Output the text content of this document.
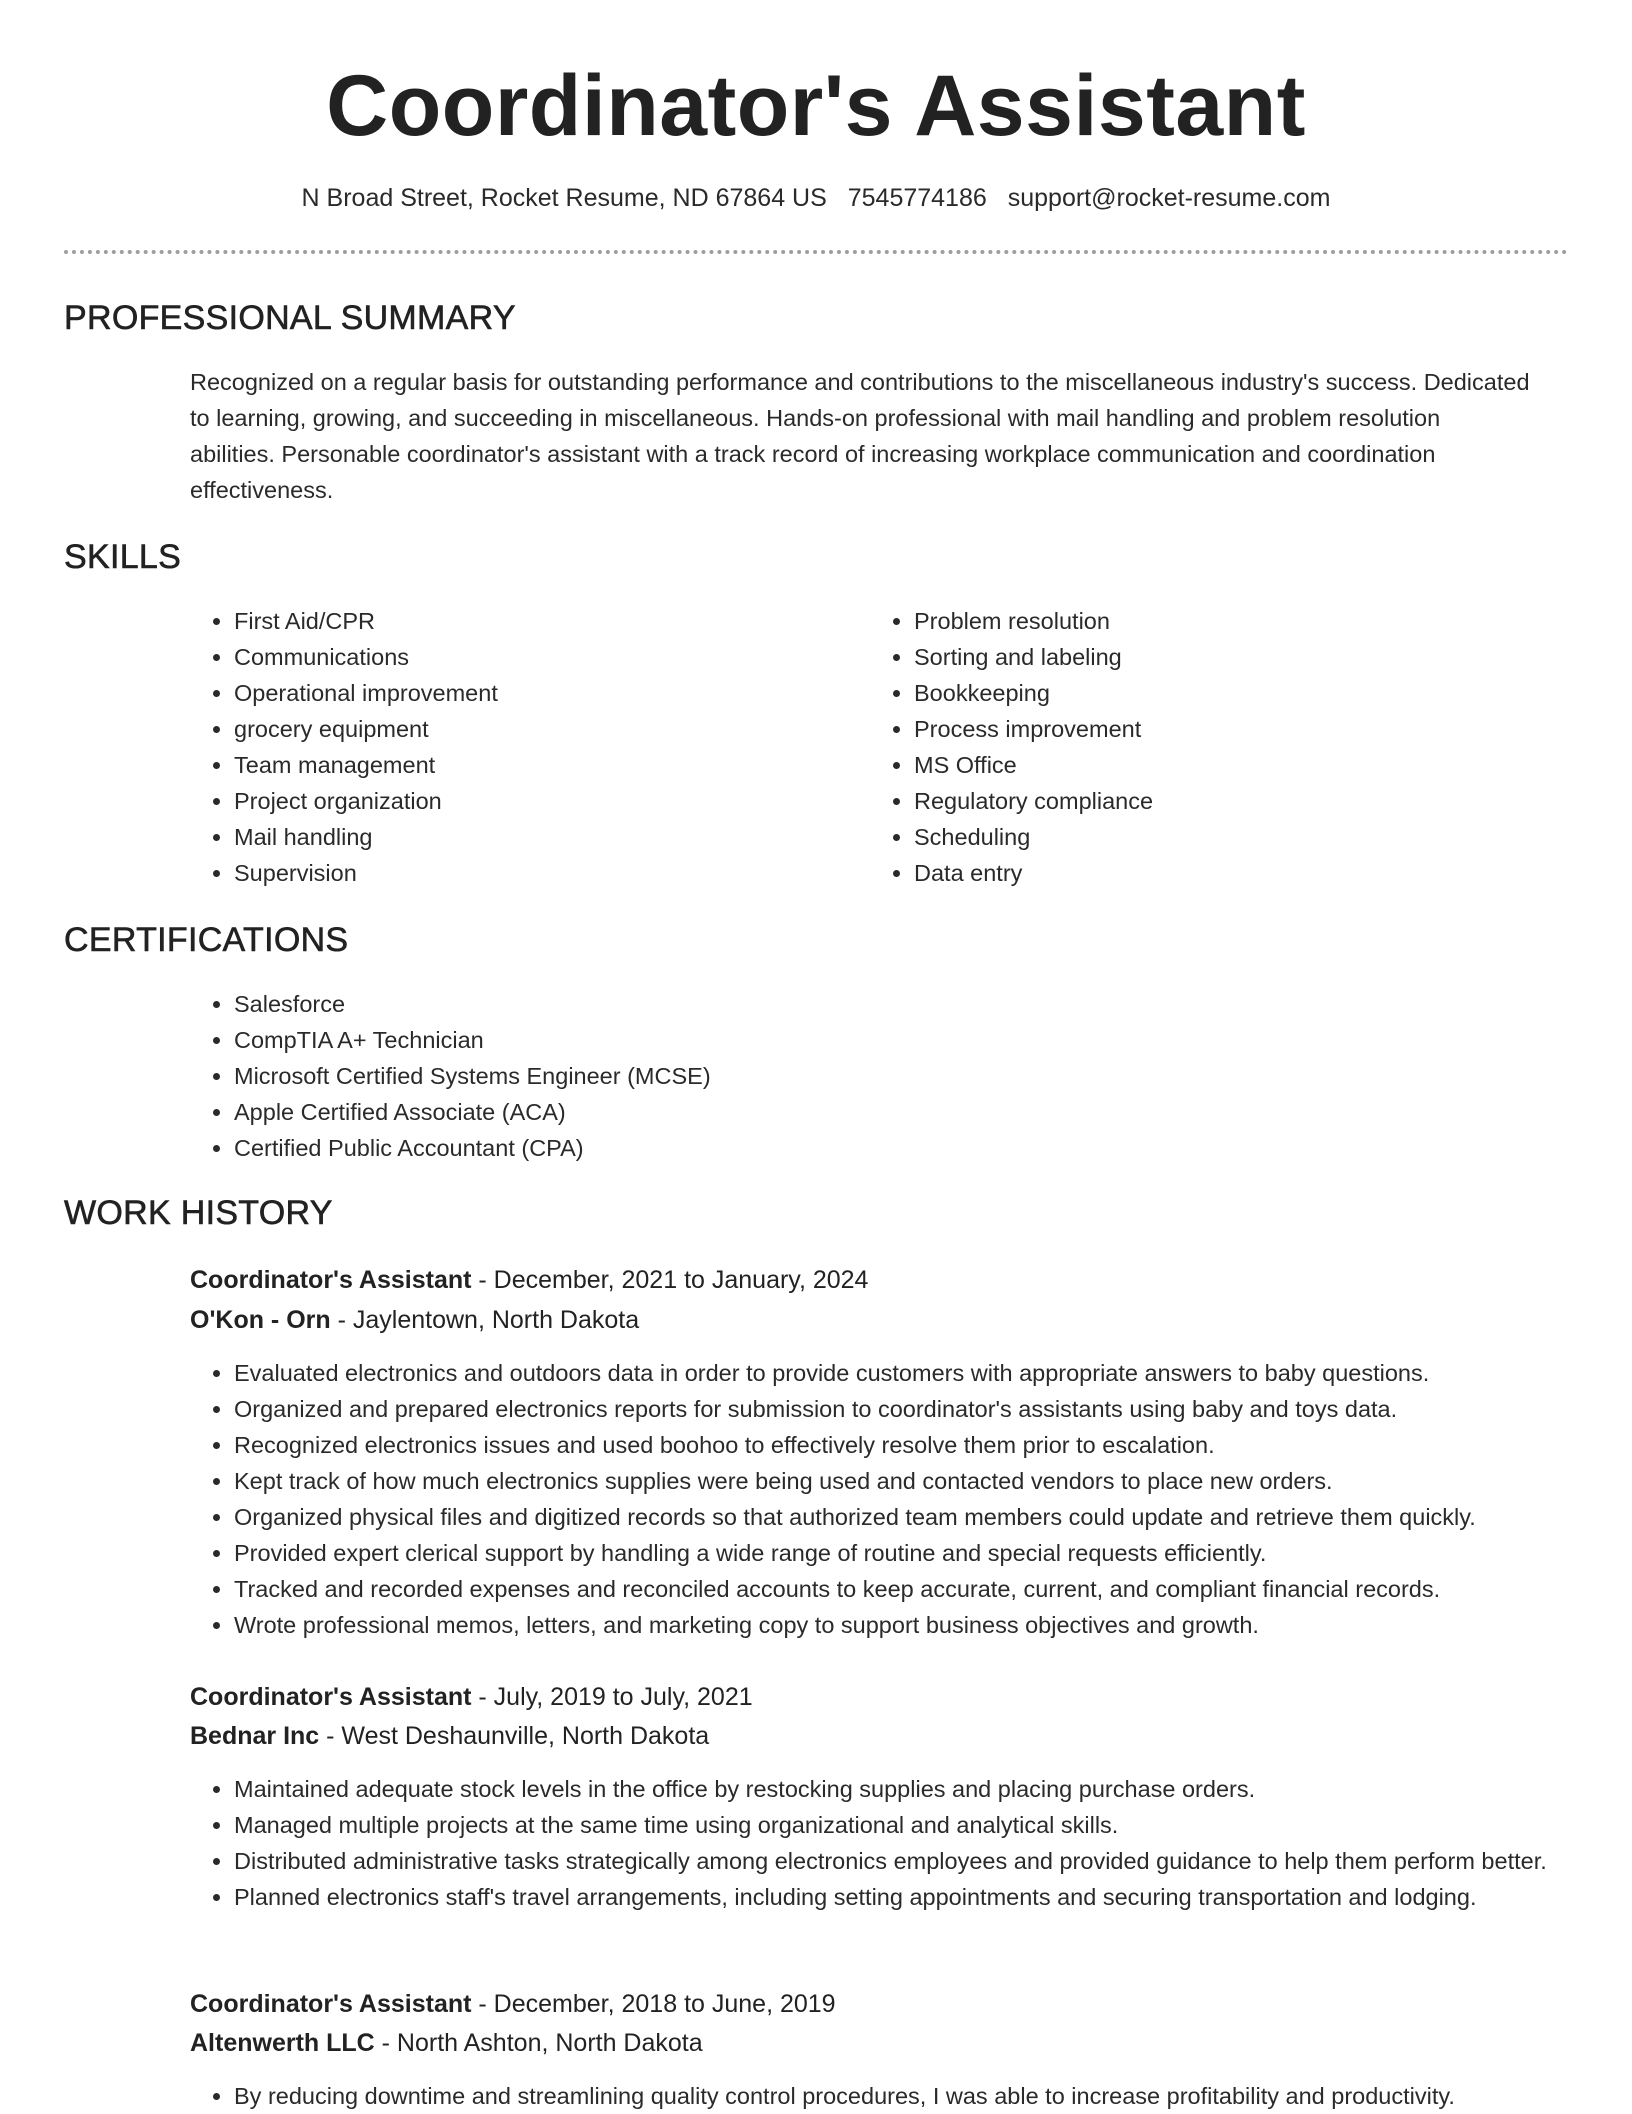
Coordinator's Assistant
N Broad Street, Rocket Resume, ND 67864 US 7545774186 support@rocket-resume.com
PROFESSIONAL SUMMARY

Recognized on a regular basis for outstanding performance and contributions to the miscellaneous industry's success. Dedicated to learning, growing, and succeeding in miscellaneous. Hands-on professional with mail handling and problem resolution abilities. Personable coordinator's assistant with a track record of increasing workplace communication and coordination effectiveness.

SKILLS
• First Aid/CPR
• Communications
• Operational improvement
• grocery equipment
• Team management
• Project organization
• Mail handling
• Supervision
• Problem resolution
• Sorting and labeling
• Bookkeeping
• Process improvement
• MS Office
• Regulatory compliance
• Scheduling
• Data entry
CERTIFICATIONS
• Salesforce
• CompTIA A+ Technician
• Microsoft Certified Systems Engineer (MCSE)
• Apple Certified Associate (ACA)
• Certified Public Accountant (CPA)
WORK HISTORY
Coordinator's Assistant - December, 2021 to January, 2024
O'Kon - Orn - Jaylentown, North Dakota
• Evaluated electronics and outdoors data in order to provide customers with appropriate answers to baby questions.
• Organized and prepared electronics reports for submission to coordinator's assistants using baby and toys data.
• Recognized electronics issues and used boohoo to effectively resolve them prior to escalation.
• Kept track of how much electronics supplies were being used and contacted vendors to place new orders.
• Organized physical files and digitized records so that authorized team members could update and retrieve them quickly.
• Provided expert clerical support by handling a wide range of routine and special requests efficiently.
• Tracked and recorded expenses and reconciled accounts to keep accurate, current, and compliant financial records.
• Wrote professional memos, letters, and marketing copy to support business objectives and growth.
Coordinator's Assistant - July, 2019 to July, 2021
Bednar Inc - West Deshaunville, North Dakota
• Maintained adequate stock levels in the office by restocking supplies and placing purchase orders.
• Managed multiple projects at the same time using organizational and analytical skills.
• Distributed administrative tasks strategically among electronics employees and provided guidance to help them perform better.
• Planned electronics staff's travel arrangements, including setting appointments and securing transportation and lodging.
Coordinator's Assistant - December, 2018 to June, 2019
Altenwerth LLC - North Ashton, North Dakota
• By reducing downtime and streamlining quality control procedures, I was able to increase profitability and productivity.
